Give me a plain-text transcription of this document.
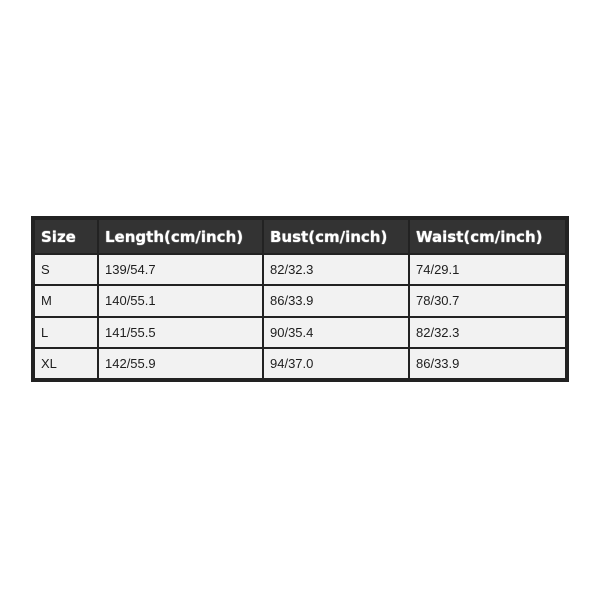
Size	Length(cm/inch)	Bust(cm/inch)	Waist(cm/inch)
S	139/54.7	82/32.3	74/29.1
M	140/55.1	86/33.9	78/30.7
L	141/55.5	90/35.4	82/32.3
XL	142/55.9	94/37.0	86/33.9
